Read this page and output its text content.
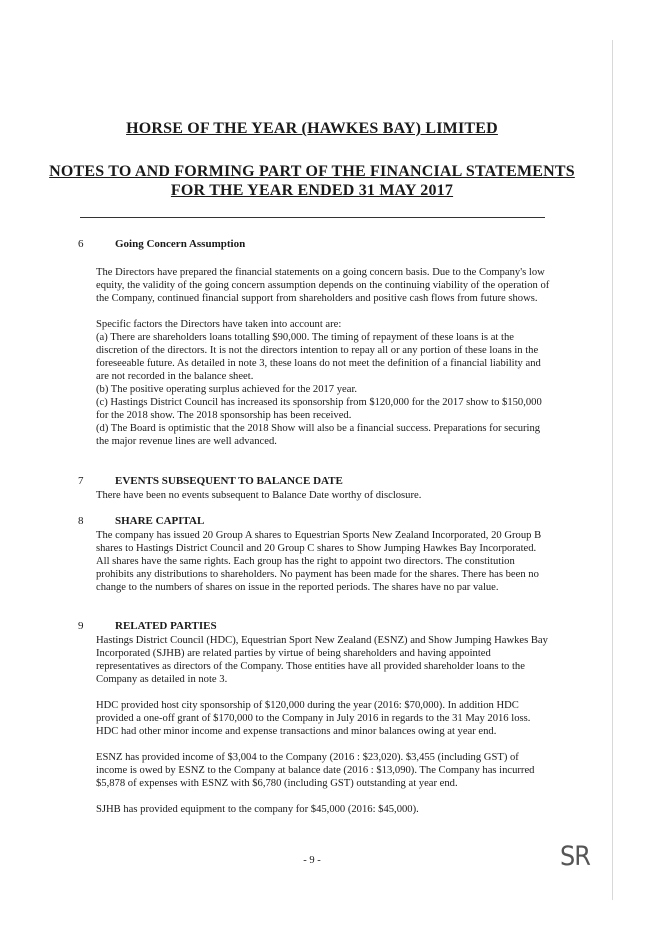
HORSE OF THE YEAR (HAWKES BAY) LIMITED
NOTES TO AND FORMING PART OF THE FINANCIAL STATEMENTS
FOR THE YEAR ENDED 31 MAY 2017
6	Going Concern Assumption

The Directors have prepared the financial statements on a going concern basis. Due to the Company's low equity, the validity of the going concern assumption depends on the continuing viability of the operation of the Company, continued financial support from shareholders and positive cash flows from future shows.

Specific factors the Directors have taken into account are:

(a) There are shareholders loans totalling $90,000. The timing of repayment of these loans is at the discretion of the directors. It is not the directors intention to repay all or any portion of these loans in the foreseeable future. As detailed in note 3, these loans do not meet the definition of a financial liability and are not recorded in the balance sheet.

(b) The positive operating surplus achieved for the 2017 year.

(c) Hastings District Council has increased its sponsorship from $120,000 for the 2017 show to $150,000 for the 2018 show. The 2018 sponsorship has been received.

(d) The Board is optimistic that the 2018 Show will also be a financial success. Preparations for securing the major revenue lines are well advanced.

7	EVENTS SUBSEQUENT TO BALANCE DATE

There have been no events subsequent to Balance Date worthy of disclosure.

8	SHARE CAPITAL

The company has issued 20 Group A shares to Equestrian Sports New Zealand Incorporated, 20 Group B shares to Hastings District Council and 20 Group C shares to Show Jumping Hawkes Bay Incorporated. All shares have the same rights. Each group has the right to appoint two directors. The constitution prohibits any distributions to shareholders. No payment has been made for the shares. There has been no change to the numbers of shares on issue in the reported periods. The shares have no par value.

9	RELATED PARTIES

Hastings District Council (HDC), Equestrian Sport New Zealand (ESNZ) and Show Jumping Hawkes Bay Incorporated (SJHB) are related parties by virtue of being shareholders and having appointed representatives as directors of the Company. Those entities have all provided shareholder loans to the Company as detailed in note 3.

HDC provided host city sponsorship of $120,000 during the year (2016: $70,000). In addition HDC provided a one-off grant of $170,000 to the Company in July 2016 in regards to the 31 May 2016 loss. HDC had other minor income and expense transactions and minor balances owing at year end.

ESNZ has provided income of $3,004 to the Company (2016 : $23,020). $3,455 (including GST) of income is owed by ESNZ to the Company at balance date (2016 : $13,090). The Company has incurred $5,878 of expenses with ESNZ with $6,780 (including GST) outstanding at year end.

SJHB has provided equipment to the company for $45,000 (2016: $45,000).

- 9 -	SR
